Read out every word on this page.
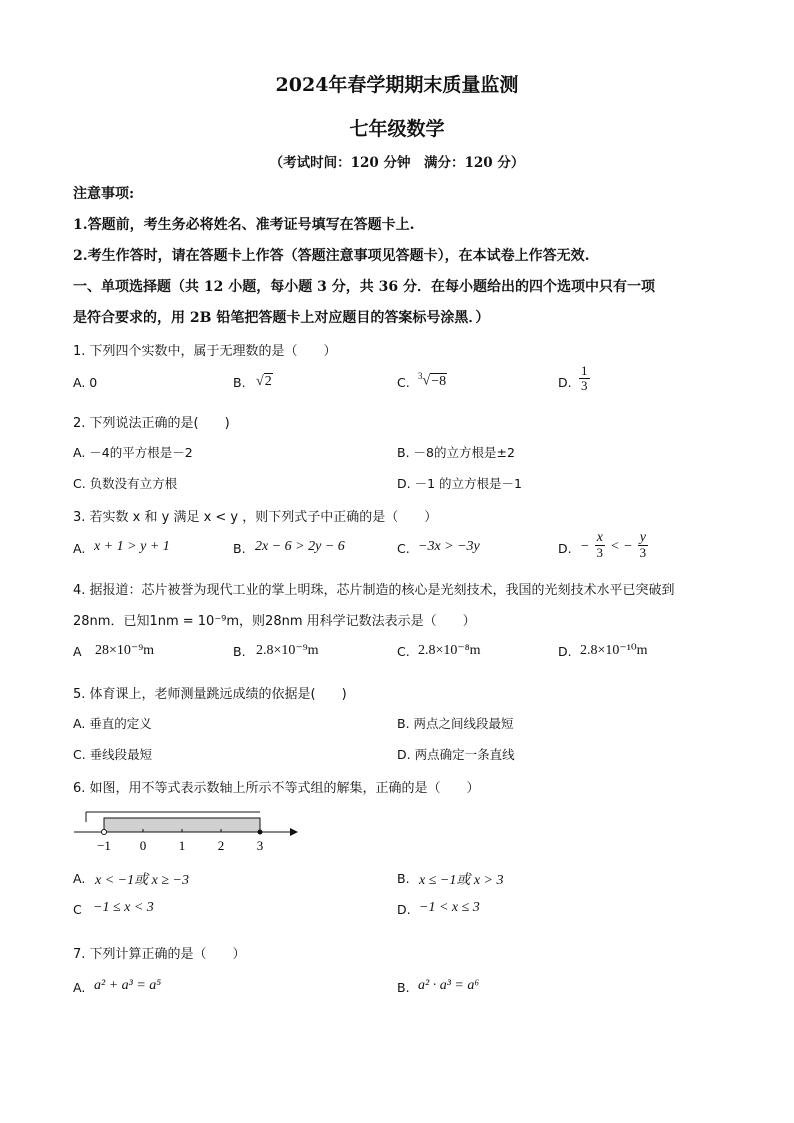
2024年春学期期末质量监测
七年级数学
（考试时间：120 分钟　满分：120 分）
注意事项:
1.答题前，考生务必将姓名、准考证号填写在答题卡上.
2.考生作答时，请在答题卡上作答（答题注意事项见答题卡），在本试卷上作答无效.
一、单项选择题（共 12 小题，每小题 3 分，共 36 分．在每小题给出的四个选项中只有一项
是符合要求的，用 2B 铅笔把答题卡上对应题目的答案标号涂黑．）
1. 下列四个实数中，属于无理数的是（　　）
A. 0	B. √2	C. $^3$√−8	D. $\frac{1}{3}$
2. 下列说法正确的是(　　)
A. －4的平方根是－2	B. －8的立方根是±2
C. 负数没有立方根	D. －1 的立方根是－1
3. 若实数 x 和 y 满足 x < y ，则下列式子中正确的是（　　）
A. x + 1 > y + 1	B. 2x − 6 > 2y − 6	C. −3x > −3y	D. − $\frac{x}{3}$ < − $\frac{y}{3}$
4. 据报道：芯片被誉为现代工业的掌上明珠，芯片制造的核心是光刻技术，我国的光刻技术水平已突破到
28nm．已知1nm = 10⁻⁹m，则28nm 用科学记数法表示是（　　）
A 28×10⁻⁹m	B. 2.8×10⁻⁹m	C. 2.8×10⁻⁸m	D. 2.8×10⁻¹⁰m
5. 体育课上，老师测量跳远成绩的依据是(　　)
A. 垂直的定义	B. 两点之间线段最短
C. 垂线段最短	D. 两点确定一条直线
6. 如图，用不等式表示数轴上所示不等式组的解集，正确的是（　　）
−1 0	1	2	3
A. x < −1或 x ≥ −3	B. x ≤ −1或 x > 3
C −1 ≤ x < 3	D. −1 < x ≤ 3
7. 下列计算正确的是（　　）
A. a² + a³ = a⁵	B. a² · a³ = a⁶
